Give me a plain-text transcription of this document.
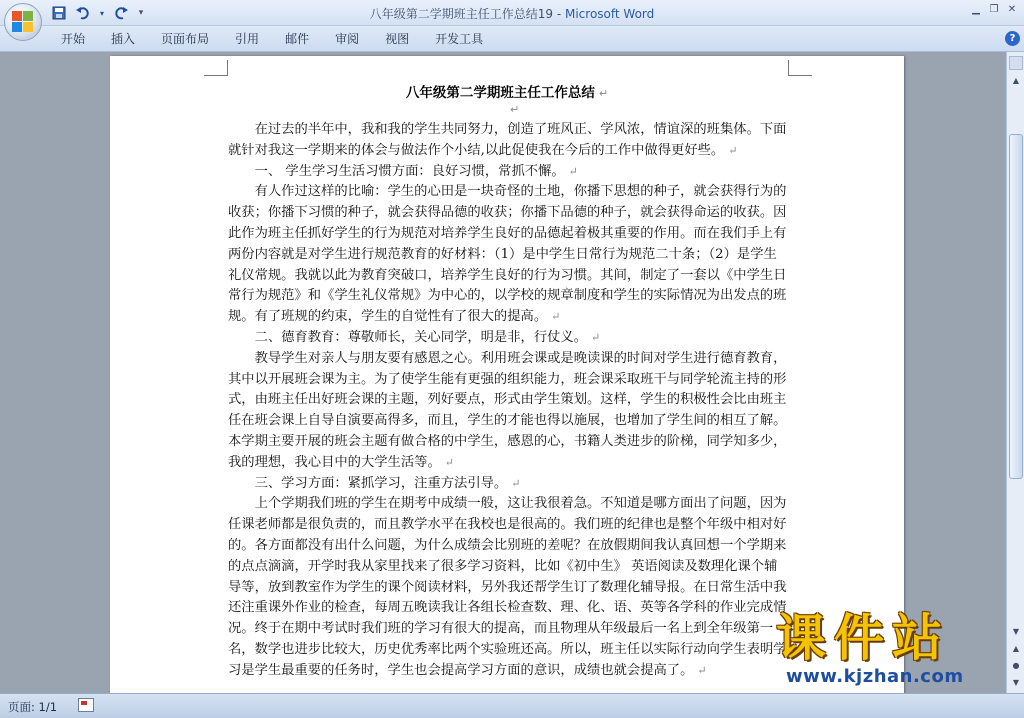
▾	▾	八年级第二学期班主任工作总结19 - Microsoft Word	▁ ❐ ✕
开始	插入	页面布局	引用	邮件	审阅	视图	开发工具	?
八年级第二学期班主任工作总结 ↵
↵

在过去的半年中，我和我的学生共同努力，创造了班风正、学风浓，情谊深的班集体。下面就针对我这一学期来的体会与做法作个小结,以此促使我在今后的工作中做得更好些。 ↵

一、 学生学习生活习惯方面：良好习惯，常抓不懈。 ↵

有人作过这样的比喻：学生的心田是一块奇怪的土地，你播下思想的种子，就会获得行为的收获；你播下习惯的种子，就会获得品德的收获；你播下品德的种子，就会获得命运的收获。因此作为班主任抓好学生的行为规范对培养学生良好的品德起着极其重要的作用。而在我们手上有两份内容就是对学生进行规范教育的好材料：（1）是中学生日常行为规范二十条；（2）是学生礼仪常规。我就以此为教育突破口，培养学生良好的行为习惯。其间，制定了一套以《中学生日常行为规范》和《学生礼仪常规》为中心的，以学校的规章制度和学生的实际情况为出发点的班规。有了班规的约束，学生的自觉性有了很大的提高。 ↵

二、德育教育：尊敬师长，关心同学，明是非，行仗义。 ↵

教导学生对亲人与朋友要有感恩之心。利用班会课或是晚读课的时间对学生进行德育教育，其中以开展班会课为主。为了使学生能有更强的组织能力，班会课采取班干与同学轮流主持的形式，由班主任出好班会课的主题，列好要点，形式由学生策划。这样，学生的积极性会比由班主任在班会课上自导自演要高得多，而且，学生的才能也得以施展，也增加了学生间的相互了解。本学期主要开展的班会主题有做合格的中学生，感恩的心，书籍人类进步的阶梯，同学知多少，我的理想，我心目中的大学生活等。 ↵

三、学习方面：紧抓学习，注重方法引导。 ↵

上个学期我们班的学生在期考中成绩一般，这让我很着急。不知道是哪方面出了问题，因为任课老师都是很负责的，而且教学水平在我校也是很高的。我们班的纪律也是整个年级中相对好的。各方面都没有出什么问题，为什么成绩会比别班的差呢？在放假期间我认真回想一个学期来的点点滴滴，开学时我从家里找来了很多学习资料，比如《初中生》 英语阅读及数理化课个辅导等，放到教室作为学生的课个阅读材料，另外我还帮学生订了数理化辅导报。在日常生活中我还注重课外作业的检查，每周五晚读我让各组长检查数、理、化、语、英等各学科的作业完成情况。终于在期中考试时我们班的学习有很大的提高，而且物理从年级最后一名上到全年级第一名，数学也进步比较大，历史优秀率比两个实验班还高。所以，班主任以实际行动向学生表明学习是学生最重要的任务时，学生也会提高学习方面的意识，成绩也就会提高了。 ↵

▲
▼
▲
●
▼
页面: 1/1
课件站
www.kjzhan.com
